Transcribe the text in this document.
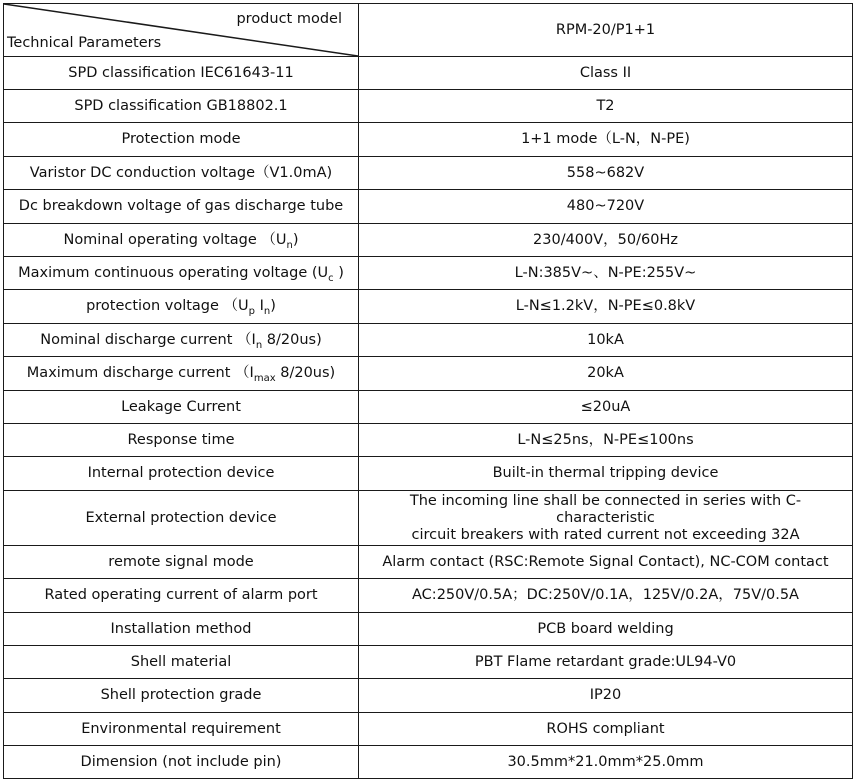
product model
Technical Parameters	RPM-20/P1+1
SPD classification IEC61643-11	Class II
SPD classification GB18802.1	T2
Protection mode	1+1 mode（L-N，N-PE)
Varistor DC conduction voltage（V1.0mA)	558~682V
Dc breakdown voltage of gas discharge tube	480~720V
Nominal operating voltage $(U_n)$	230/400V，50/60Hz
Maximum continuous operating voltage ($U_c$ )	L-N:385V~、N-PE:255V~
protection voltage （$U_p$ $I_n$)	L-N≤1.2kV，N-PE≤0.8kV
Nominal discharge current （$I_n$ 8/20us)	10kA
Maximum discharge current （$I_{max}$ 8/20us)	20kA
Leakage Current	≤20uA
Response time	L-N≤25ns，N-PE≤100ns
Internal protection device	Built-in thermal tripping device
External protection device	The incoming line shall be connected in series with C-characteristic
circuit breakers with rated current not exceeding 32A

remote signal mode	Alarm contact (RSC:Remote Signal Contact), NC-COM contact
Rated operating current of alarm port	AC:250V/0.5A；DC:250V/0.1A，125V/0.2A，75V/0.5A
Installation method	PCB board welding
Shell material	PBT Flame retardant grade:UL94-V0
Shell protection grade	IP20
Environmental requirement	ROHS compliant
Dimension (not include pin)	30.5mm*21.0mm*25.0mm
